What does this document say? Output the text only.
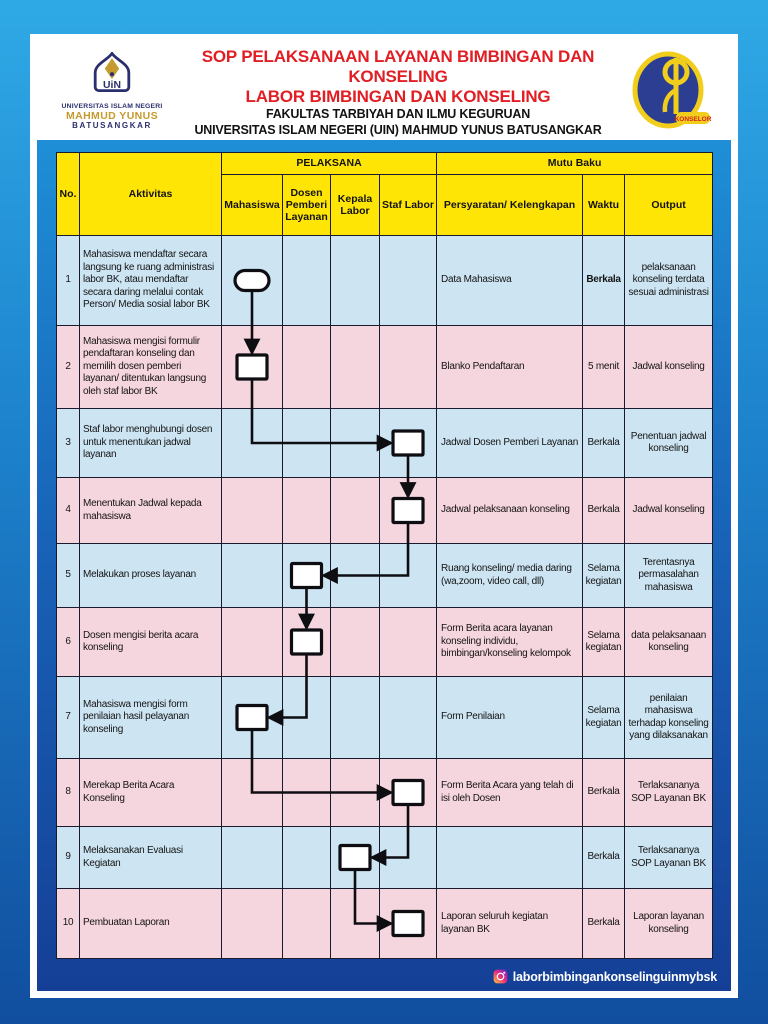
UiN
UNIVERSITAS ISLAM NEGERI
MAHMUD YUNUS
BATUSANGKAR
SOP PELAKSANAAN LAYANAN BIMBINGAN DAN KONSELING
LABOR BIMBINGAN DAN KONSELING
FAKULTAS TARBIYAH DAN ILMU KEGURUAN
UNIVERSITAS ISLAM NEGERI (UIN) MAHMUD YUNUS BATUSANGKAR
KONSELOR
No.	Aktivitas	PELAKSANA				Mutu Baku		
		Mahasiswa	Dosen Pemberi Layanan	Kepala Labor	Staf Labor	Persyaratan/ Kelengkapan	Waktu	Output
1	Mahasiswa mendaftar secara langsung ke ruang administrasi labor BK, atau mendaftar secara daring melalui contak Person/ Media sosial labor BK					Data Mahasiswa	Berkala	pelaksanaan konseling terdata sesuai administrasi
2	Mahasiswa mengisi formulir pendaftaran konseling dan memilih dosen pemberi layanan/ ditentukan langsung oleh staf labor BK					Blanko Pendaftaran	5 menit	Jadwal konseling
3	Staf labor menghubungi dosen untuk menentukan jadwal layanan					Jadwal Dosen Pemberi Layanan	Berkala	Penentuan jadwal konseling
4	Menentukan Jadwal kepada mahasiswa					Jadwal pelaksanaan konseling	Berkala	Jadwal konseling
5	Melakukan proses layanan					Ruang konseling/ media daring (wa,zoom, video call, dll)	Selama kegiatan	Terentasnya permasalahan mahasiswa
6	Dosen mengisi berita acara konseling					Form Berita acara layanan konseling individu, bimbingan/konseling kelompok	Selama kegiatan	data pelaksanaan konseling
7	Mahasiswa mengisi form penilaian hasil pelayanan konseling					Form Penilaian	Selama kegiatan	penilaian mahasiswa terhadap konseling yang dilaksanakan
8	Merekap Berita Acara Konseling					Form Berita Acara yang telah di isi oleh Dosen	Berkala	Terlaksananya SOP Layanan BK
9	Melaksanakan Evaluasi Kegiatan						Berkala	Terlaksananya SOP Layanan BK
10	Pembuatan Laporan					Laporan seluruh kegiatan layanan BK	Berkala	Laporan layanan konseling
laborbimbingankonselinguinmybsk
